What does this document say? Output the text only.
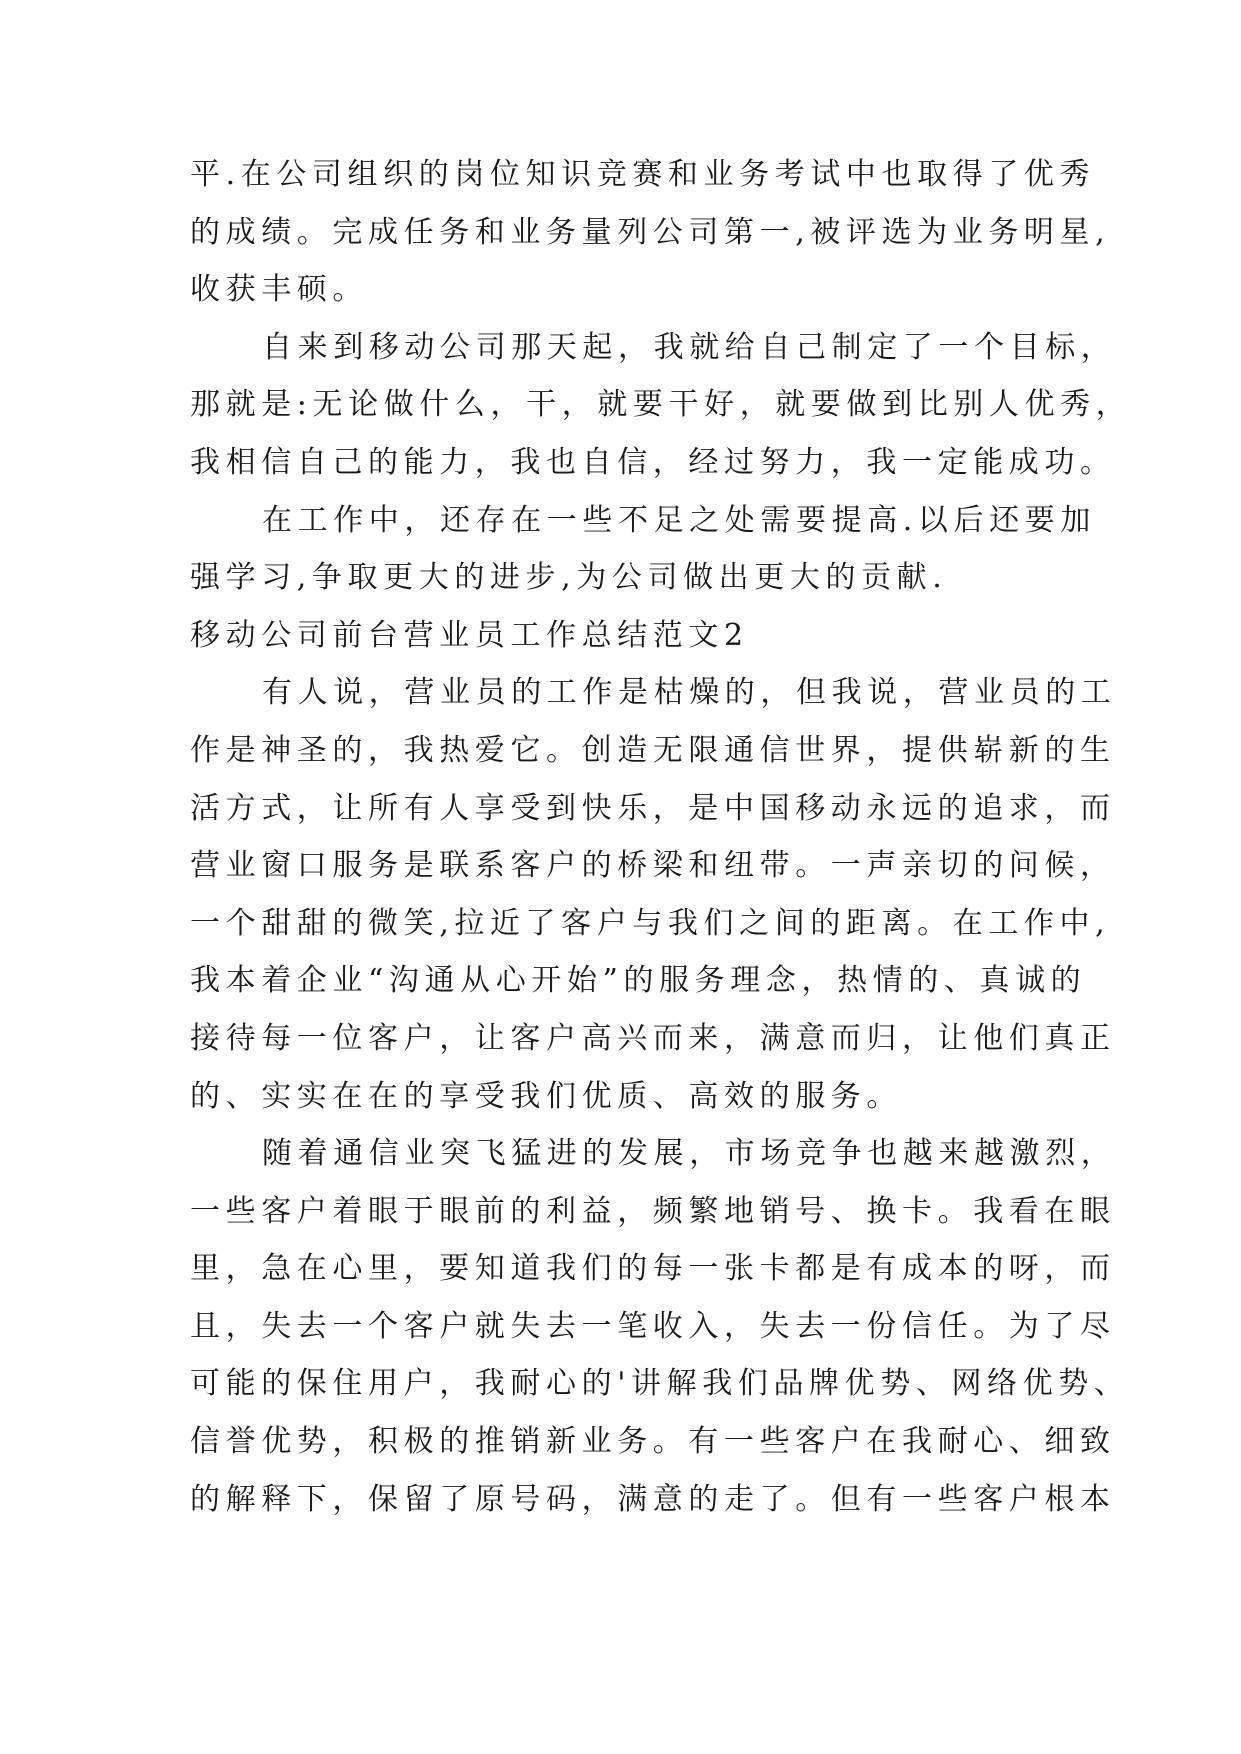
平.在公司组织的岗位知识竞赛和业务考试中也取得了优秀
的成绩。完成任务和业务量列公司第一,被评选为业务明星,
收获丰硕。
自来到移动公司那天起，我就给自己制定了一个目标，
那就是:无论做什么，干，就要干好，就要做到比别人优秀，
我相信自己的能力，我也自信，经过努力，我一定能成功。
在工作中，还存在一些不足之处需要提高.以后还要加
强学习,争取更大的进步,为公司做出更大的贡献.
移动公司前台营业员工作总结范文2
有人说，营业员的工作是枯燥的，但我说，营业员的工
作是神圣的，我热爱它。创造无限通信世界，提供崭新的生
活方式，让所有人享受到快乐，是中国移动永远的追求，而
营业窗口服务是联系客户的桥梁和纽带。一声亲切的问候，
一个甜甜的微笑,拉近了客户与我们之间的距离。在工作中,
我本着企业“沟通从心开始”的服务理念，热情的、真诚的
接待每一位客户，让客户高兴而来，满意而归，让他们真正
的、实实在在的享受我们优质、高效的服务。
随着通信业突飞猛进的发展，市场竞争也越来越激烈，
一些客户着眼于眼前的利益，频繁地销号、换卡。我看在眼
里，急在心里，要知道我们的每一张卡都是有成本的呀，而
且，失去一个客户就失去一笔收入，失去一份信任。为了尽
可能的保住用户，我耐心的'讲解我们品牌优势、网络优势、
信誉优势，积极的推销新业务。有一些客户在我耐心、细致
的解释下，保留了原号码，满意的走了。但有一些客户根本
